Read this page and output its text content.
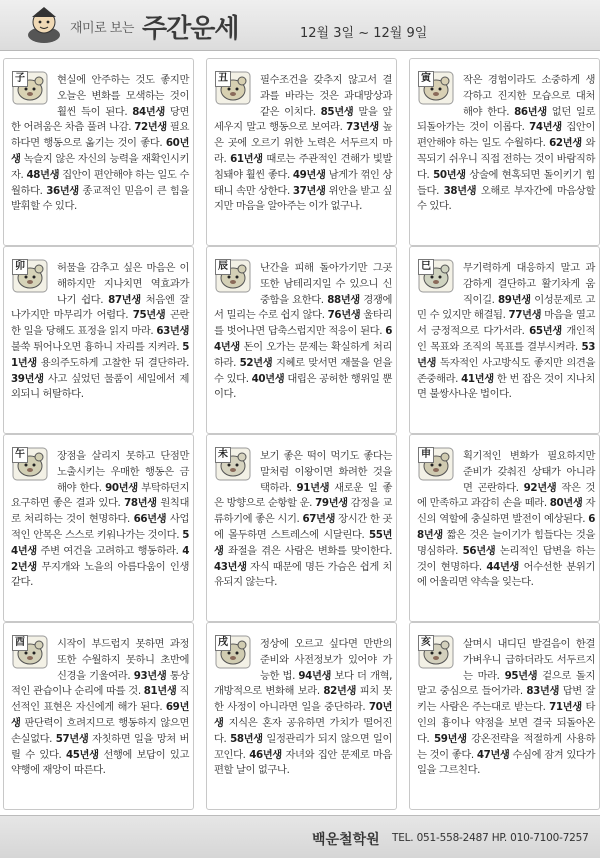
재미로 보는 주간운세	12월 3일 ~ 12월 9일
子	현실에 안주하는 것도 좋지만 오늘은 변화를 모색하는 것이 훨씬 득이 된다. 84년생 당면한 어려움은 차츰 풀려 나감. 72년생 필요하다면 행동으로 옮기는 것이 좋다. 60년생 녹슬지 않은 자신의 능력을 재확인시키자. 48년생 집안이 편안해야 하는 일도 수월하다. 36년생 종교적인 믿음이 큰 힘을 발휘할 수 있다.
丑	필수조건을 갖추지 않고서 결과를 바라는 것은 과대망상과 같은 이치다. 85년생 말을 앞세우지 말고 행동으로 보여라. 73년생 높은 곳에 오르기 위한 노력은 서두르지 마라. 61년생 때로는 주관적인 견해가 빛발침돼야 훨씬 좋다. 49년생 남게가 꺾인 상태니 속만 상한다. 37년생 위안을 받고 싶지만 마음을 알아주는 이가 없구나.
寅	작은 경험이라도 소중하게 생각하고 진지한 모습으로 대처해야 한다. 86년생 없던 일로 되돌아가는 것이 이롭다. 74년생 집안이 편안해야 하는 일도 수월하다. 62년생 와 꼭되기 쉬우니 직접 전하는 것이 바람직하다. 50년생 상술에 현혹되면 돌이키기 힘들다. 38년생 오해로 부자간에 마음상할 수 있다.
卯	허물을 감추고 싶은 마음은 이해하지만 지나치면 역효과가 나기 쉽다. 87년생 처음엔 잘나가지만 마무리가 어렵다. 75년생 곤란한 일을 당해도 표정을 읽지 마라. 63년생 불쑥 튀어나오면 흉하니 자리를 지켜라. 51년생 용의주도하게 고찰한 뒤 결단하라. 39년생 사고 싶었던 물품이 세일에서 제외되니 허탈하다.
辰	난간을 피해 돌아가기만 그곳 또한 남테리지일 수 있으니 신중함을 요한다. 88년생 경쟁에서 밀리는 수로 쉽지 않다. 76년생 울타리를 벗어나면 답축스럽지만 적응이 된다. 64년생 돈이 오가는 문제는 확실하게 처리하라. 52년생 지혜로 맞서면 재물을 얻을 수 있다. 40년생 대립은 공허한 행위일 뿐이다.
巳	무기력하게 대응하지 말고 과감하게 결단하고 활기차게 움직이길. 89년생 이성문제로 고민 수 있지만 해결됨. 77년생 마음을 열고서 긍정적으로 다가서라. 65년생 개인적인 목표와 조직의 목표를 결부시켜라. 53년생 독자적인 사고방식도 좋지만 의견을 존중해라. 41년생 한 번 잡은 것이 지나치면 불쌍사나운 법이다.
午	장점을 살리지 못하고 단점만 노출시키는 우매한 행동은 금해야 한다. 90년생 부탁하던지 요구하면 좋은 결과 있다. 78년생 원칙대로 처리하는 것이 현명하다. 66년생 사업적인 안목은 스스로 키워나가는 것이다. 54년생 주변 여건을 고려하고 행동하라. 42년생 무지개와 노을의 아름다움이 인생같다.
未	보기 좋은 떡이 먹기도 좋다는 말처럼 이왕이면 화려한 것을 택하라. 91년생 새로운 일 좋은 방향으로 순항할 운. 79년생 감정을 교류하기에 좋은 시기. 67년생 장시간 한 곳에 몰두하면 스트레스에 시달린다. 55년생 좌절을 겪은 사람은 변화를 맞이한다. 43년생 자식 때문에 명든 가슴은 쉽게 치유되지 않는다.
申	획기적인 변화가 필요하지만 준비가 갖춰진 상태가 아니라면 곤란하다. 92년생 작은 것에 만족하고 과감히 손을 떼라. 80년생 자신의 역할에 충실하면 발전이 예상된다. 68년생 짧은 것은 늘이기가 힘들다는 것을 명심하라. 56년생 논리적인 답변을 하는 것이 현명하다. 44년생 어수선한 분위기에 어울리면 약속을 잊는다.
酉	시작이 부드럽지 못하면 과정 또한 수월하지 못하니 초반에 신경을 기울여라. 93년생 통상적인 관습이나 순리에 따를 것. 81년생 직선적인 표현은 자신에게 해가 된다. 69년생 판단력이 흐려지므로 행동하지 않으면 손실없다. 57년생 자칫하면 일을 망쳐 버릴 수 있다. 45년생 선행에 보답이 있고 약행에 재앙이 따른다.
戌	정상에 오르고 싶다면 만반의 준비와 사전정보가 있어야 가능한 법. 94년생 보다 더 개혁, 개방적으로 변화해 보라. 82년생 피치 못한 사정이 아니라면 일을 중단하라. 70년생 지식은 혼자 공유하면 가치가 떨어진다. 58년생 일정관리가 되지 않으면 일이 꼬인다. 46년생 자녀와 집안 문제로 마음 편할 날이 없구나.
亥	살며시 내디딘 발걸음이 한결 가벼우니 급하더라도 서두르지는 마라. 95년생 겉으로 돌지 말고 중심으로 들어가라. 83년생 답변 잘 키는 사람은 주는대로 받는다. 71년생 타인의 흉이나 약점을 보면 결국 되돌아온다. 59년생 강온전략을 적절하게 사용하는 것이 좋다. 47년생 수심에 잠겨 있다가 일을 그르친다.
백운철학원 TEL. 051-558-2487 HP. 010-7100-7257
